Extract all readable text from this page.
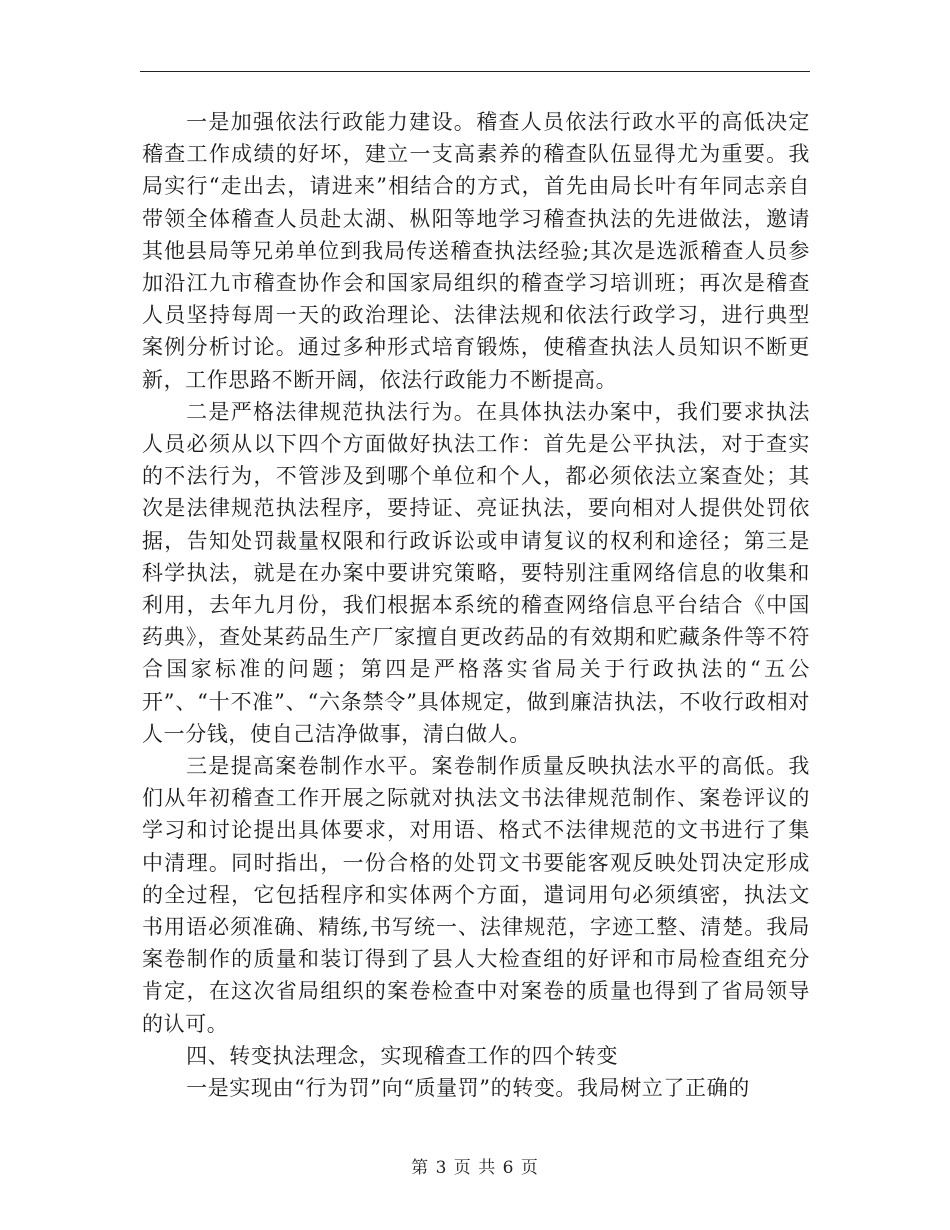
一是加强依法行政能力建设。稽查人员依法行政水平的高低决定稽查工作成绩的好坏，建立一支高素养的稽查队伍显得尤为重要。我局实行“走出去，请进来”相结合的方式，首先由局长叶有年同志亲自带领全体稽查人员赴太湖、枞阳等地学习稽查执法的先进做法，邀请其他县局等兄弟单位到我局传送稽查执法经验;其次是选派稽查人员参加沿江九市稽查协作会和国家局组织的稽查学习培训班；再次是稽查人员坚持每周一天的政治理论、法律法规和依法行政学习，进行典型案例分析讨论。通过多种形式培育锻炼，使稽查执法人员知识不断更新，工作思路不断开阔，依法行政能力不断提高。

二是严格法律规范执法行为。在具体执法办案中，我们要求执法人员必须从以下四个方面做好执法工作：首先是公平执法，对于查实的不法行为，不管涉及到哪个单位和个人，都必须依法立案查处；其次是法律规范执法程序，要持证、亮证执法，要向相对人提供处罚依据，告知处罚裁量权限和行政诉讼或申请复议的权利和途径；第三是科学执法，就是在办案中要讲究策略，要特别注重网络信息的收集和利用，去年九月份，我们根据本系统的稽查网络信息平台结合《中国药典》，查处某药品生产厂家擅自更改药品的有效期和贮藏条件等不符合国家标准的问题；第四是严格落实省局关于行政执法的“五公开”、“十不准”、“六条禁令”具体规定，做到廉洁执法，不收行政相对人一分钱，使自己洁净做事，清白做人。

三是提高案卷制作水平。案卷制作质量反映执法水平的高低。我们从年初稽查工作开展之际就对执法文书法律规范制作、案卷评议的学习和讨论提出具体要求，对用语、格式不法律规范的文书进行了集中清理。同时指出，一份合格的处罚文书要能客观反映处罚决定形成的全过程，它包括程序和实体两个方面，遣词用句必须缜密，执法文书用语必须准确、精练,书写统一、法律规范，字迹工整、清楚。我局案卷制作的质量和装订得到了县人大检查组的好评和市局检查组充分肯定，在这次省局组织的案卷检查中对案卷的质量也得到了省局领导的认可。

四、转变执法理念，实现稽查工作的四个转变

一是实现由“行为罚”向“质量罚”的转变。我局树立了正确的

第 3 页 共 6 页
